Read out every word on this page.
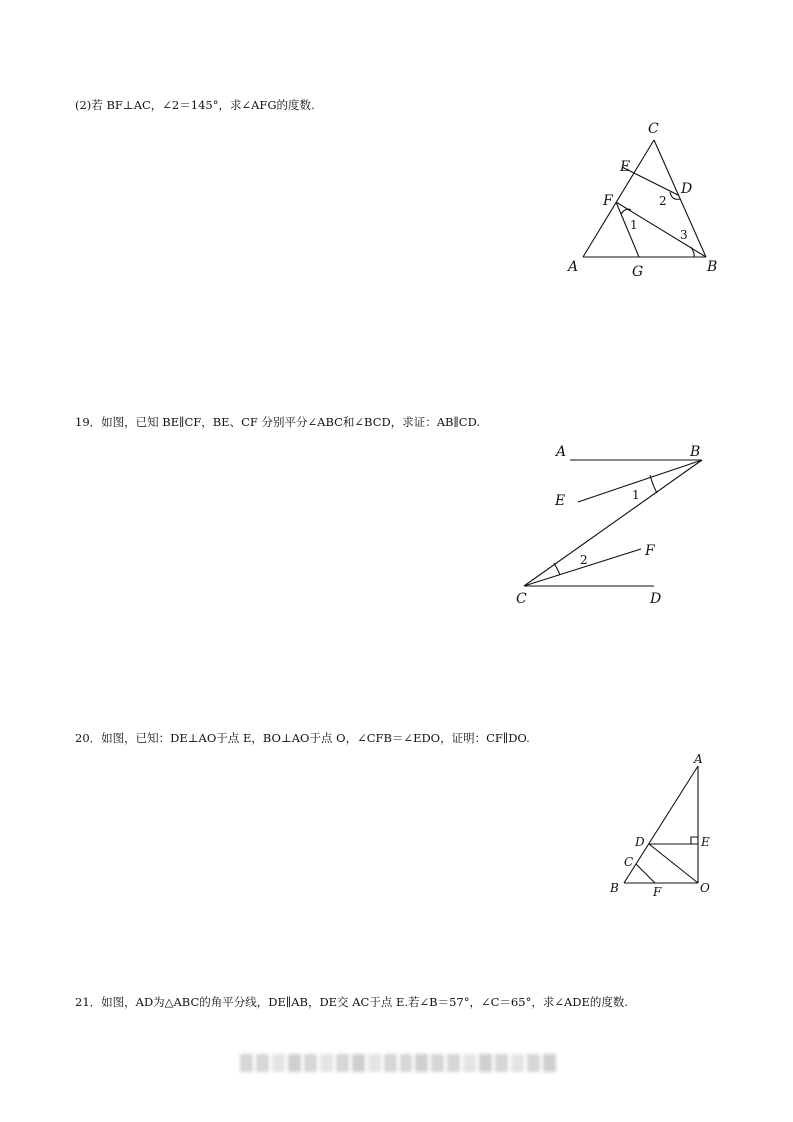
(2)若 BF⊥AC，∠2＝145°，求∠AFG的度数.

19．如图，已知 BE∥CF，BE、CF 分别平分∠ABC和∠BCD，求证：AB∥CD.

20．如图，已知：DE⊥AO于点 E，BO⊥AO于点 O，∠CFB＝∠EDO，证明：CF∥DO.

21．如图，AD为△ABC的角平分线，DE∥AB，DE交 AC于点 E.若∠B＝57°，∠C＝65°，求∠ADE的度数.

C
E
D
F
A	G	B
1
2
3
A	B
E
F
C	D
1
2
A
D	E
C
B	F	O
